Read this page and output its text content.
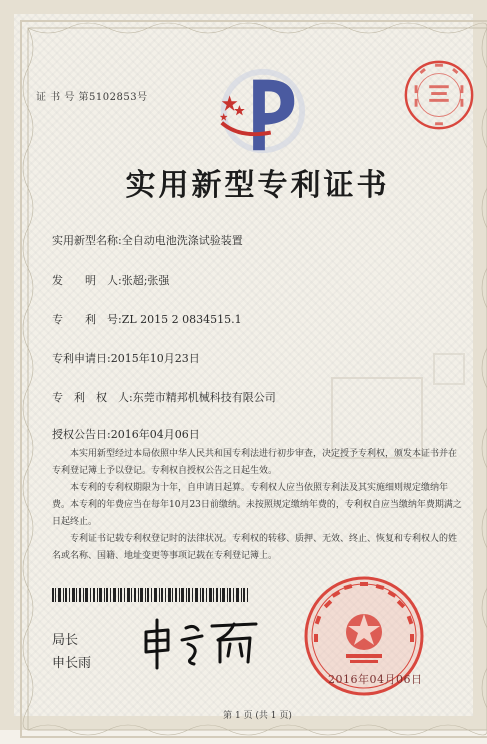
证 书 号 第5102853号
实用新型专利证书
实用新型名称:全自动电池洗涤试验装置
发　　明　人:张超;张强
专　　利　号:ZL 2015 2 0834515.1
专利申请日:2015年10月23日
专　利　权　人:东莞市精邦机械科技有限公司
授权公告日:2016年04月06日

本实用新型经过本局依照中华人民共和国专利法进行初步审查，决定授予专利权，颁发本证书并在专利登记簿上予以登记。专利权自授权公告之日起生效。

本专利的专利权期限为十年，自申请日起算。专利权人应当依照专利法及其实施细则规定缴纳年费。本专利的年费应当在每年10月23日前缴纳。未按照规定缴纳年费的，专利权自应当缴纳年费期满之日起终止。

专利证书记载专利权登记时的法律状况。专利权的转移、质押、无效、终止、恢复和专利权人的姓名或名称、国籍、地址变更等事项记载在专利登记簿上。

局长
申长雨
2016年04月06日
第 1 页 (共 1 页)
